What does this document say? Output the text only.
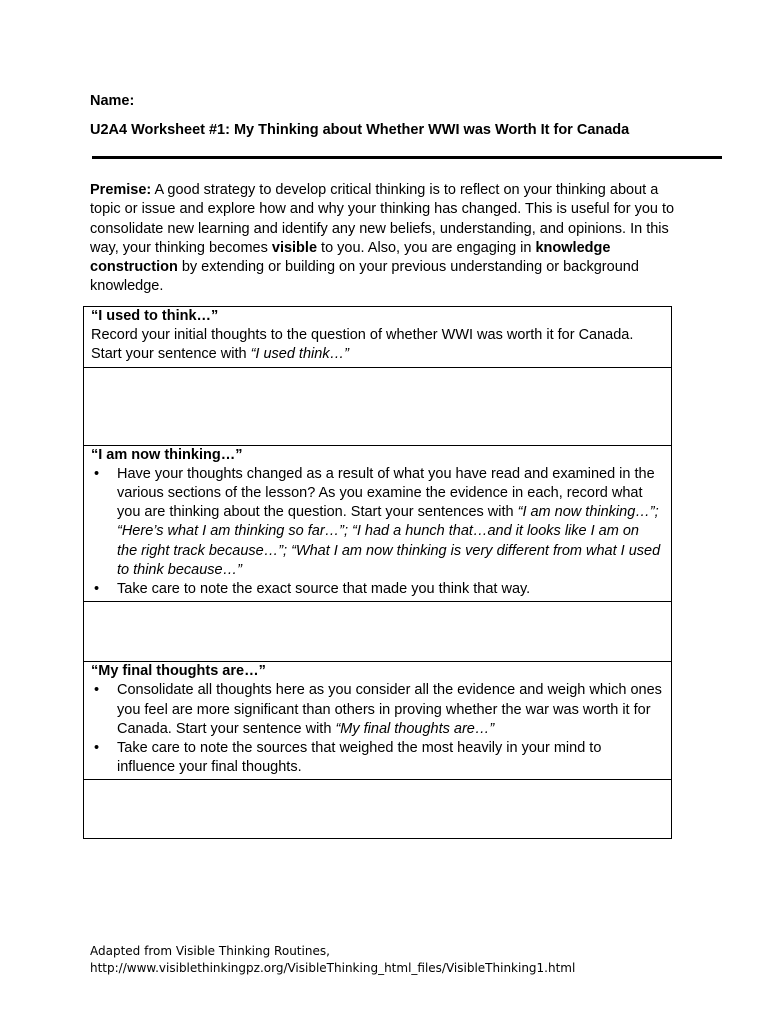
Name:
U2A4 Worksheet #1: My Thinking about Whether WWI was Worth It for Canada
Premise: A good strategy to develop critical thinking is to reflect on your thinking about a topic or issue and explore how and why your thinking has changed. This is useful for you to consolidate new learning and identify any new beliefs, understanding, and opinions. In this way, your thinking becomes visible to you. Also, you are engaging in knowledge construction by extending or building on your previous understanding or background knowledge.
“I used to think…”
Record your initial thoughts to the question of whether WWI was worth it for Canada. Start your sentence with “I used think…”

“I am now thinking…”
• Have your thoughts changed as a result of what you have read and examined in the various sections of the lesson? As you examine the evidence in each, record what you are thinking about the question. Start your sentences with “I am now thinking…”; “Here’s what I am thinking so far…”; “I had a hunch that…and it looks like I am on the right track because…”; “What I am now thinking is very different from what I used to think because…”
• Take care to note the exact source that made you think that way.

“My final thoughts are…”
• Consolidate all thoughts here as you consider all the evidence and weigh which ones you feel are more significant than others in proving whether the war was worth it for Canada. Start your sentence with “My final thoughts are…”
• Take care to note the sources that weighed the most heavily in your mind to influence your final thoughts.

Adapted from Visible Thinking Routines,
http://www.visiblethinkingpz.org/VisibleThinking_html_files/VisibleThinking1.html
